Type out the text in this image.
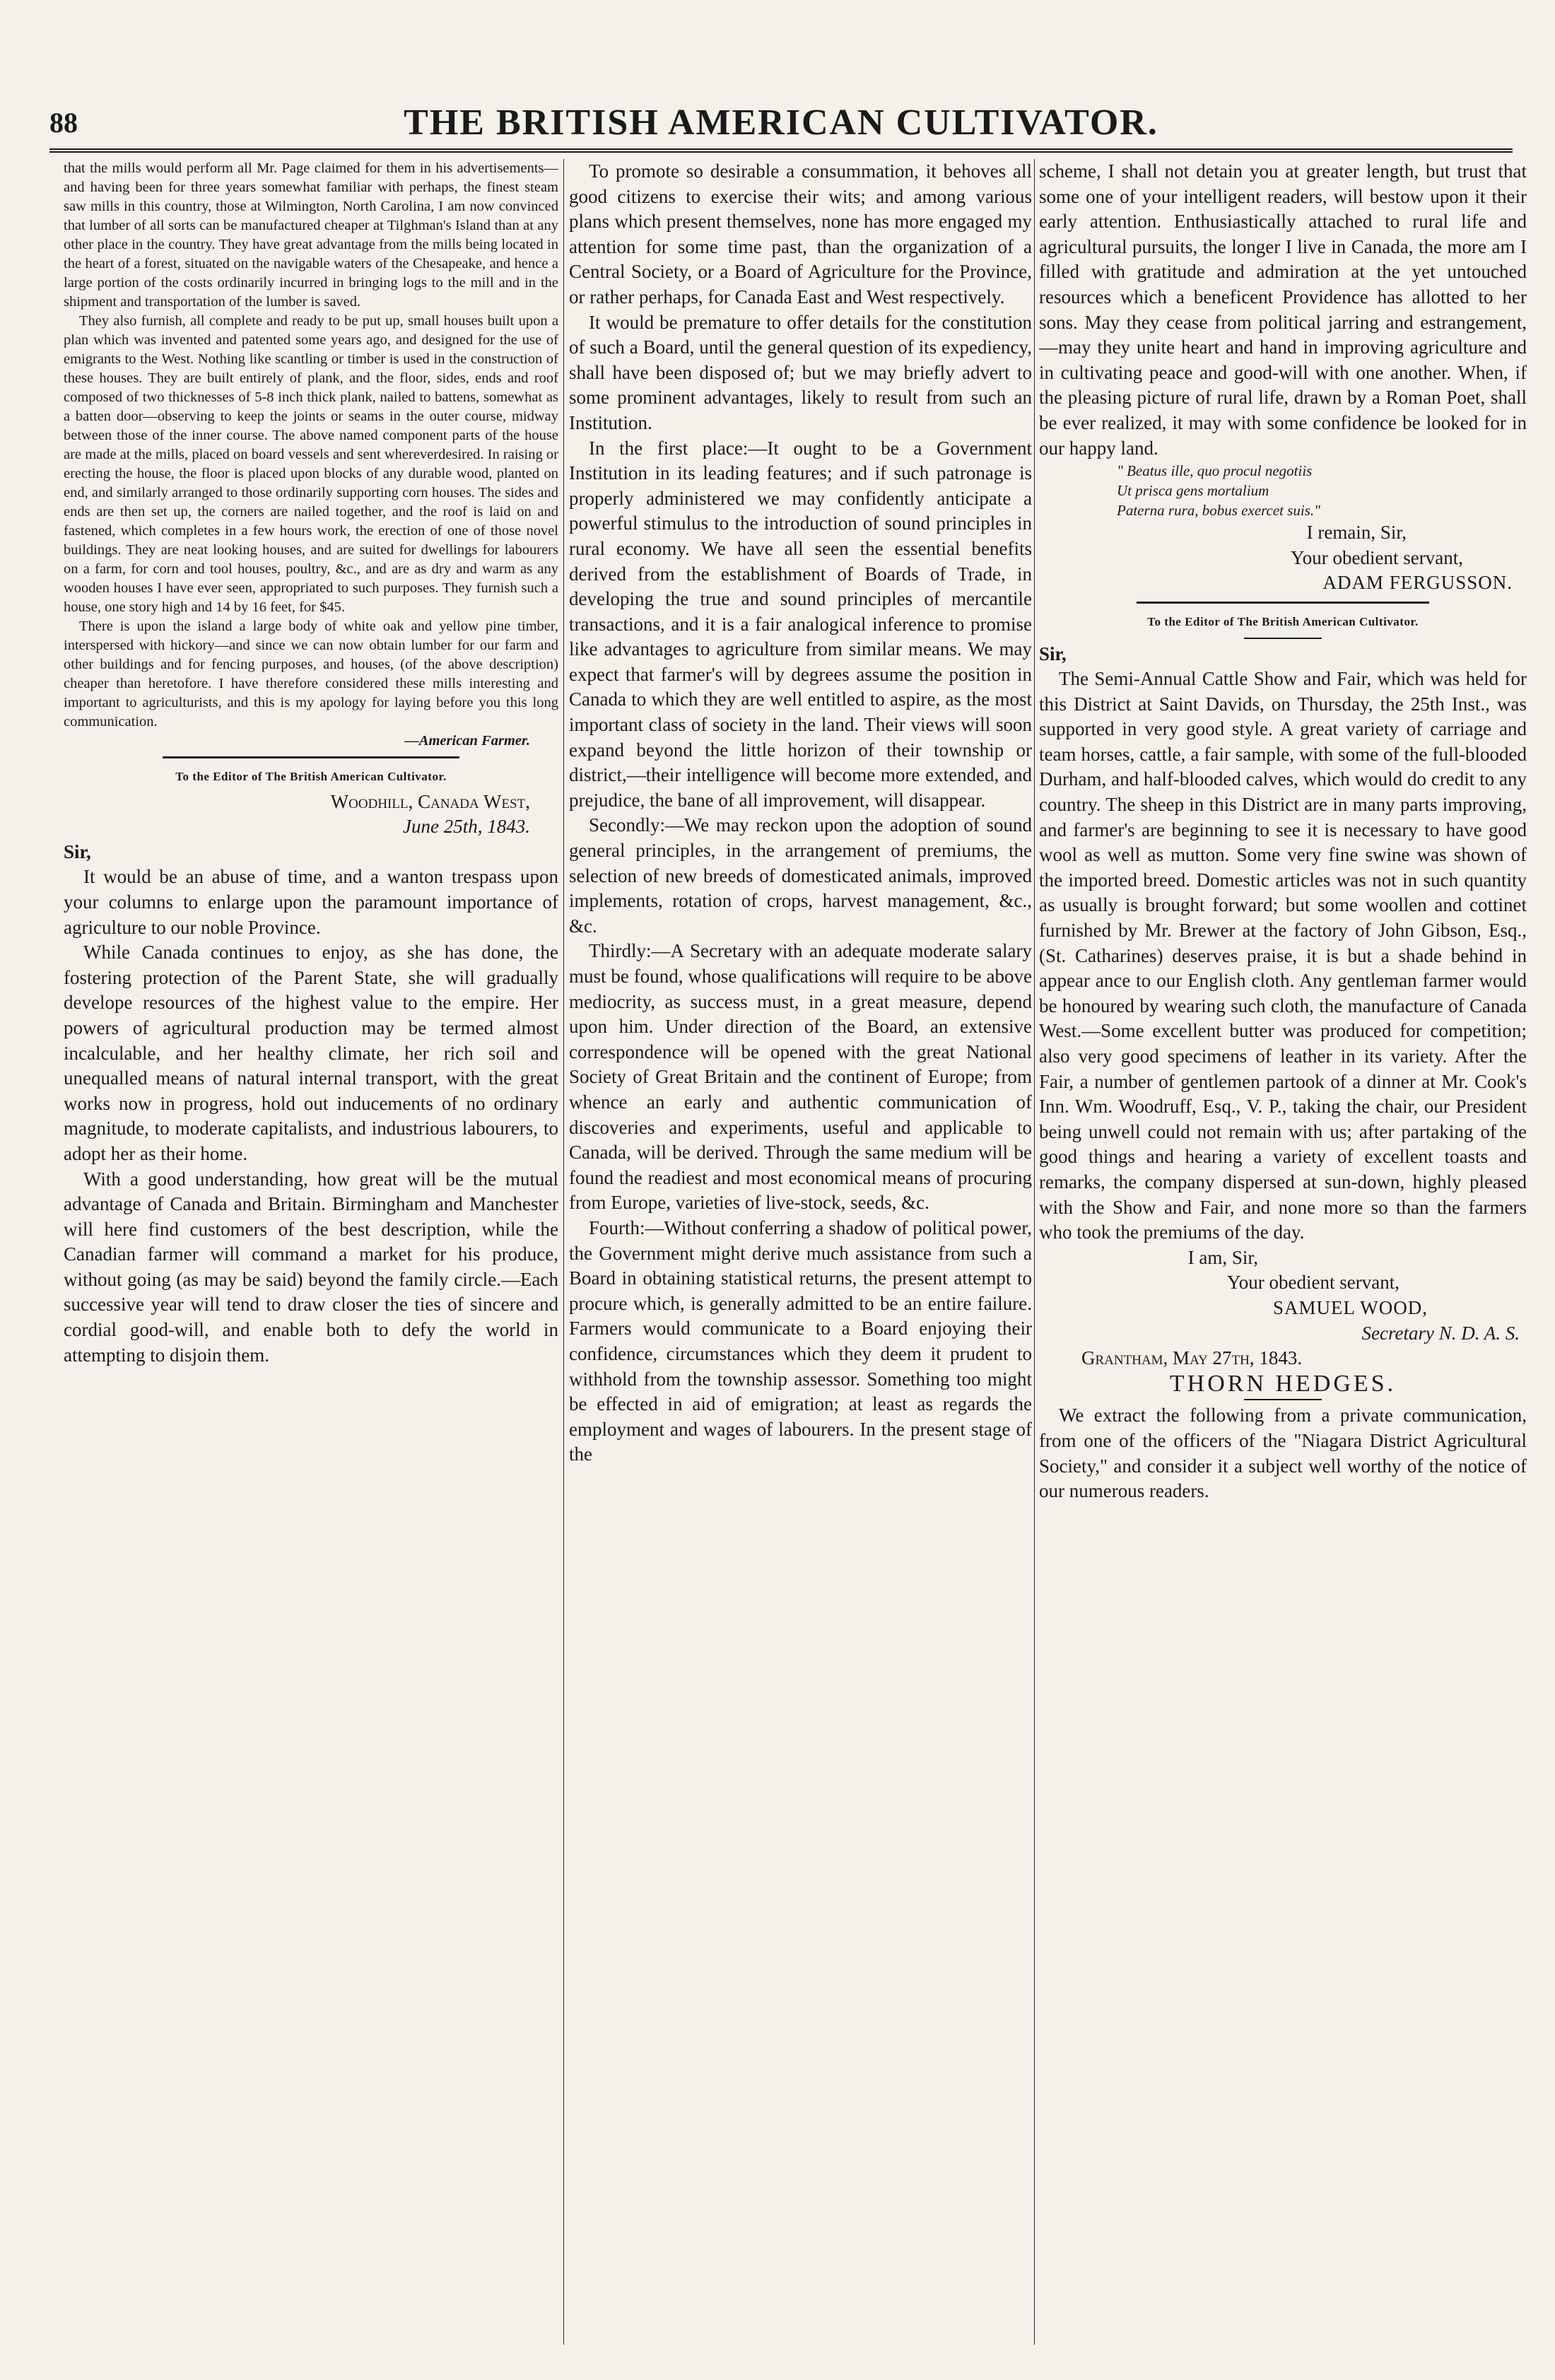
88	THE BRITISH AMERICAN CULTIVATOR.

that the mills would perform all Mr. Page claimed for them in his advertisements—and having been for three years somewhat familiar with perhaps, the finest steam saw mills in this country, those at Wilmington, North Carolina, I am now convinced that lumber of all sorts can be manufactured cheaper at Tilghman's Island than at any other place in the country. They have great advantage from the mills being located in the heart of a forest, situated on the navigable waters of the Chesapeake, and hence a large portion of the costs ordinarily incurred in bringing logs to the mill and in the shipment and transportation of the lumber is saved.

They also furnish, all complete and ready to be put up, small houses built upon a plan which was invented and patented some years ago, and designed for the use of emigrants to the West. Nothing like scantling or timber is used in the construction of these houses. They are built entirely of plank, and the floor, sides, ends and roof composed of two thicknesses of 5-8 inch thick plank, nailed to battens, somewhat as a batten door—observing to keep the joints or seams in the outer course, midway between those of the inner course. The above named component parts of the house are made at the mills, placed on board vessels and sent whereverdesired. In raising or erecting the house, the floor is placed upon blocks of any durable wood, planted on end, and similarly arranged to those ordinarily supporting corn houses. The sides and ends are then set up, the corners are nailed together, and the roof is laid on and fastened, which completes in a few hours work, the erection of one of those novel buildings. They are neat looking houses, and are suited for dwellings for labourers on a farm, for corn and tool houses, poultry, &c., and are as dry and warm as any wooden houses I have ever seen, appropriated to such purposes. They furnish such a house, one story high and 14 by 16 feet, for $45.

There is upon the island a large body of white oak and yellow pine timber, interspersed with hickory—and since we can now obtain lumber for our farm and other buildings and for fencing purposes, and houses, (of the above description) cheaper than heretofore. I have therefore considered these mills interesting and important to agriculturists, and this is my apology for laying before you this long communication.

—American Farmer.

To the Editor of The British American Cultivator.

Woodhill, Canada West,

June 25th, 1843.

Sir,

It would be an abuse of time, and a wanton trespass upon your columns to enlarge upon the paramount importance of agriculture to our noble Province.

While Canada continues to enjoy, as she has done, the fostering protection of the Parent State, she will gradually develope resources of the highest value to the empire. Her powers of agricultural production may be termed almost incalculable, and her healthy climate, her rich soil and unequalled means of natural internal transport, with the great works now in progress, hold out inducements of no ordinary magnitude, to moderate capitalists, and industrious labourers, to adopt her as their home.

With a good understanding, how great will be the mutual advantage of Canada and Britain. Birmingham and Manchester will here find customers of the best description, while the Canadian farmer will command a market for his produce, without going (as may be said) beyond the family circle.—Each successive year will tend to draw closer the ties of sincere and cordial good-will, and enable both to defy the world in attempting to disjoin them.

To promote so desirable a consummation, it behoves all good citizens to exercise their wits; and among various plans which present themselves, none has more engaged my attention for some time past, than the organization of a Central Society, or a Board of Agriculture for the Province, or rather perhaps, for Canada East and West respectively.

It would be premature to offer details for the constitution of such a Board, until the general question of its expediency, shall have been disposed of; but we may briefly advert to some prominent advantages, likely to result from such an Institution.

In the first place:—It ought to be a Government Institution in its leading features; and if such patronage is properly administered we may confidently anticipate a powerful stimulus to the introduction of sound principles in rural economy. We have all seen the essential benefits derived from the establishment of Boards of Trade, in developing the true and sound principles of mercantile transactions, and it is a fair analogical inference to promise like advantages to agriculture from similar means. We may expect that farmer's will by degrees assume the position in Canada to which they are well entitled to aspire, as the most important class of society in the land. Their views will soon expand beyond the little horizon of their township or district,—their intelligence will become more extended, and prejudice, the bane of all improvement, will disappear.

Secondly:—We may reckon upon the adoption of sound general principles, in the arrangement of premiums, the selection of new breeds of domesticated animals, improved implements, rotation of crops, harvest management, &c., &c.

Thirdly:—A Secretary with an adequate moderate salary must be found, whose qualifications will require to be above mediocrity, as success must, in a great measure, depend upon him. Under direction of the Board, an extensive correspondence will be opened with the great National Society of Great Britain and the continent of Europe; from whence an early and authentic communication of discoveries and experiments, useful and applicable to Canada, will be derived. Through the same medium will be found the readiest and most economical means of procuring from Europe, varieties of live-stock, seeds, &c.

Fourth:—Without conferring a shadow of political power, the Government might derive much assistance from such a Board in obtaining statistical returns, the present attempt to procure which, is generally admitted to be an entire failure. Farmers would communicate to a Board enjoying their confidence, circumstances which they deem it prudent to withhold from the township assessor. Something too might be effected in aid of emigration; at least as regards the employment and wages of labourers. In the present stage of the

scheme, I shall not detain you at greater length, but trust that some one of your intelligent readers, will bestow upon it their early attention. Enthusiastically attached to rural life and agricultural pursuits, the longer I live in Canada, the more am I filled with gratitude and admiration at the yet untouched resources which a beneficent Providence has allotted to her sons. May they cease from political jarring and estrangement,—may they unite heart and hand in improving agriculture and in cultivating peace and good-will with one another. When, if the pleasing picture of rural life, drawn by a Roman Poet, shall be ever realized, it may with some confidence be looked for in our happy land.

" Beatus ille, quo procul negotiis

Ut prisca gens mortalium

Paterna rura, bobus exercet suis."

I remain, Sir,

Your obedient servant,

ADAM FERGUSSON.

To the Editor of The British American Cultivator.

Sir,

The Semi-Annual Cattle Show and Fair, which was held for this District at Saint Davids, on Thursday, the 25th Inst., was supported in very good style. A great variety of carriage and team horses, cattle, a fair sample, with some of the full-blooded Durham, and half-blooded calves, which would do credit to any country. The sheep in this District are in many parts improving, and farmer's are beginning to see it is necessary to have good wool as well as mutton. Some very fine swine was shown of the imported breed. Domestic articles was not in such quantity as usually is brought forward; but some woollen and cottinet furnished by Mr. Brewer at the factory of John Gibson, Esq., (St. Catharines) deserves praise, it is but a shade behind in appear ance to our English cloth. Any gentleman farmer would be honoured by wearing such cloth, the manufacture of Canada West.—Some excellent butter was produced for competition; also very good specimens of leather in its variety. After the Fair, a number of gentlemen partook of a dinner at Mr. Cook's Inn. Wm. Woodruff, Esq., V. P., taking the chair, our President being unwell could not remain with us; after partaking of the good things and hearing a variety of excellent toasts and remarks, the company dispersed at sun-down, highly pleased with the Show and Fair, and none more so than the farmers who took the premiums of the day.

I am, Sir,

Your obedient servant,

SAMUEL WOOD,

Secretary N. D. A. S.

Grantham, May 27th, 1843.

THORN HEDGES.

We extract the following from a private communication, from one of the officers of the "Niagara District Agricultural Society," and consider it a subject well worthy of the notice of our numerous readers.
